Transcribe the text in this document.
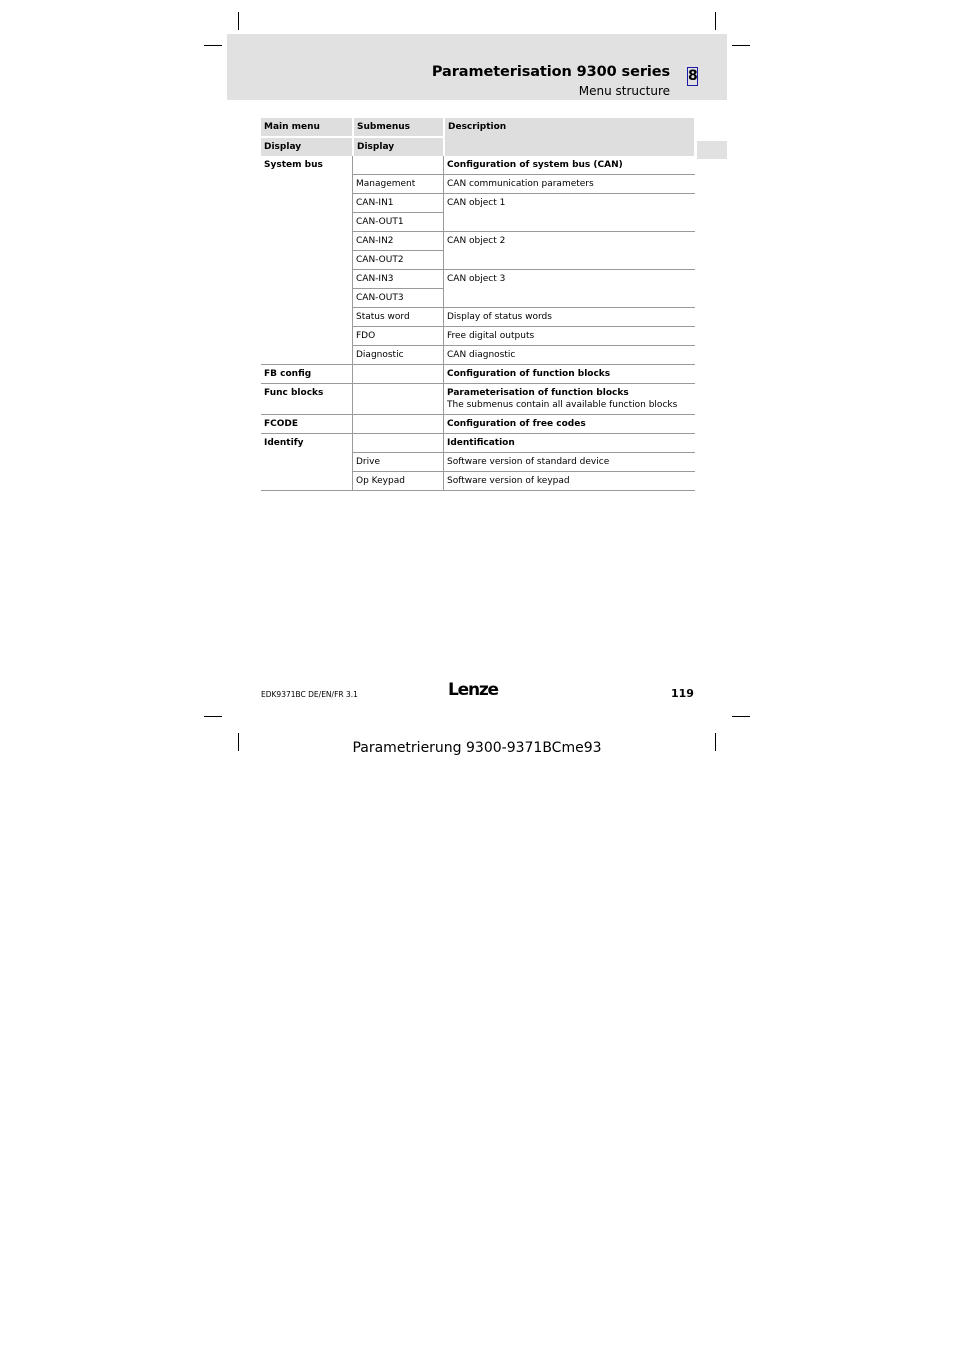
Parameterisation 9300 series
Menu structure
8
Main menu	Submenus	Description
Display	Display	
System bus		Configuration of system bus (CAN)
	Management	CAN communication parameters
	CAN-IN1	CAN object 1
	CAN-OUT1	
	CAN-IN2	CAN object 2
	CAN-OUT2	
	CAN-IN3	CAN object 3
	CAN-OUT3	
	Status word	Display of status words
	FDO	Free digital outputs
	Diagnostic	CAN diagnostic
FB config		Configuration of function blocks
Func blocks		Parameterisation of function blocks
The submenus contain all available function blocks

FCODE		Configuration of free codes
Identify		Identification
	Drive	Software version of standard device
	Op Keypad	Software version of keypad
EDK9371BC DE/EN/FR 3.1	Lenze	119
Parametrierung 9300-9371BCme93
